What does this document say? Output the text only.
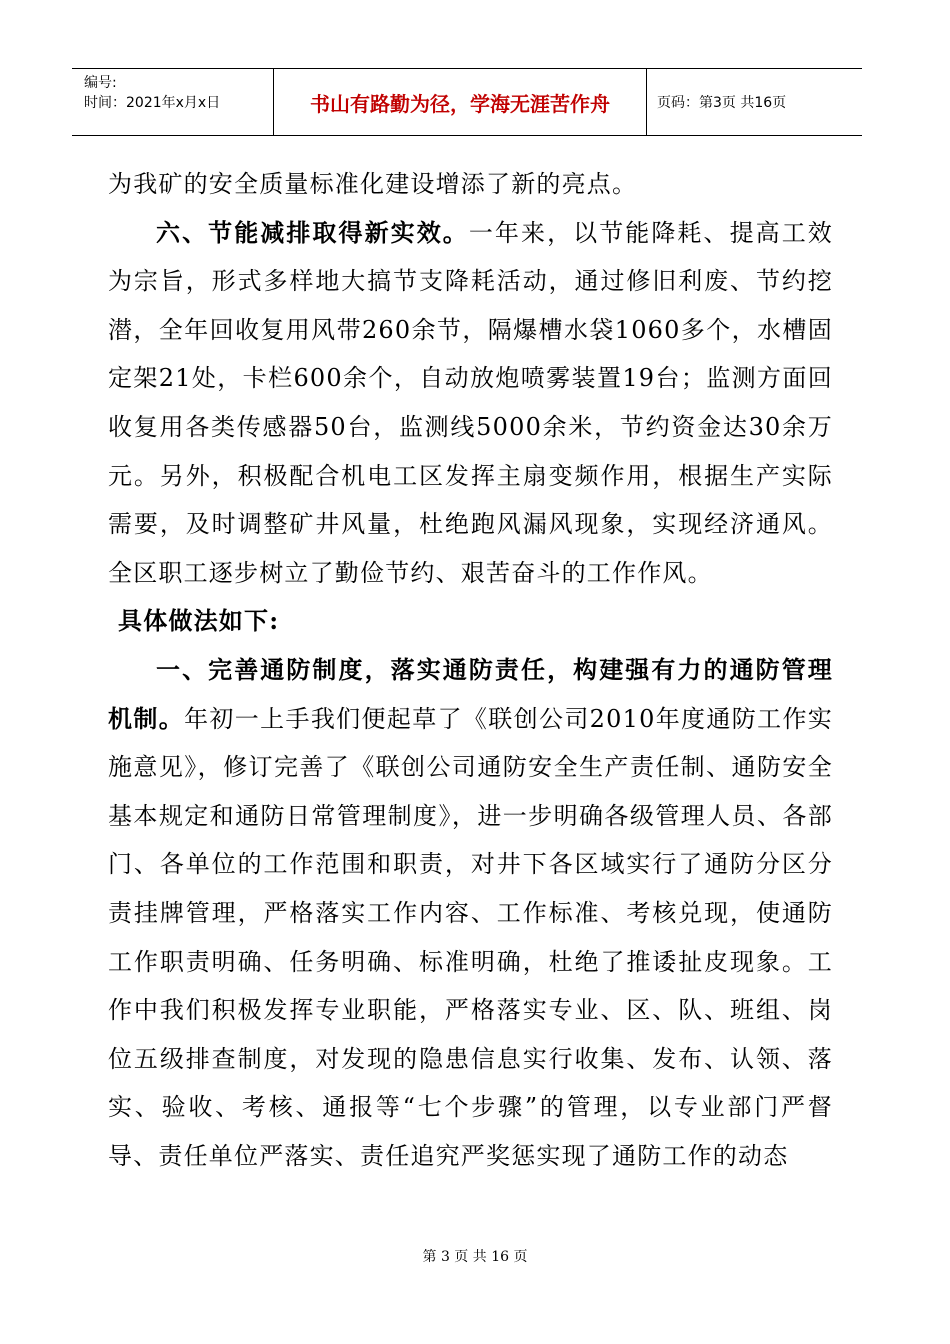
编号:
时间：2021年x月x日	书山有路勤为径，学海无涯苦作舟	页码：第3页 共16页

为我矿的安全质量标准化建设增添了新的亮点。

六、节能减排取得新实效。一年来，以节能降耗、提高工效为宗旨，形式多样地大搞节支降耗活动，通过修旧利废、节约挖潜，全年回收复用风带260余节，隔爆槽水袋1060多个，水槽固定架21处，卡栏600余个，自动放炮喷雾装置19台；监测方面回收复用各类传感器50台，监测线5000余米，节约资金达30余万元。另外，积极配合机电工区发挥主扇变频作用，根据生产实际需要，及时调整矿井风量，杜绝跑风漏风现象，实现经济通风。全区职工逐步树立了勤俭节约、艰苦奋斗的工作作风。

具体做法如下:

一、完善通防制度，落实通防责任，构建强有力的通防管理机制。年初一上手我们便起草了《联创公司2010年度通防工作实施意见》，修订完善了《联创公司通防安全生产责任制、通防安全基本规定和通防日常管理制度》，进一步明确各级管理人员、各部门、各单位的工作范围和职责，对井下各区域实行了通防分区分责挂牌管理，严格落实工作内容、工作标准、考核兑现，使通防工作职责明确、任务明确、标准明确，杜绝了推诿扯皮现象。工作中我们积极发挥专业职能，严格落实专业、区、队、班组、岗位五级排查制度，对发现的隐患信息实行收集、发布、认领、落实、验收、考核、通报等“七个步骤”的管理，以专业部门严督导、责任单位严落实、责任追究严奖惩实现了通防工作的动态

第 3 页 共 16 页
